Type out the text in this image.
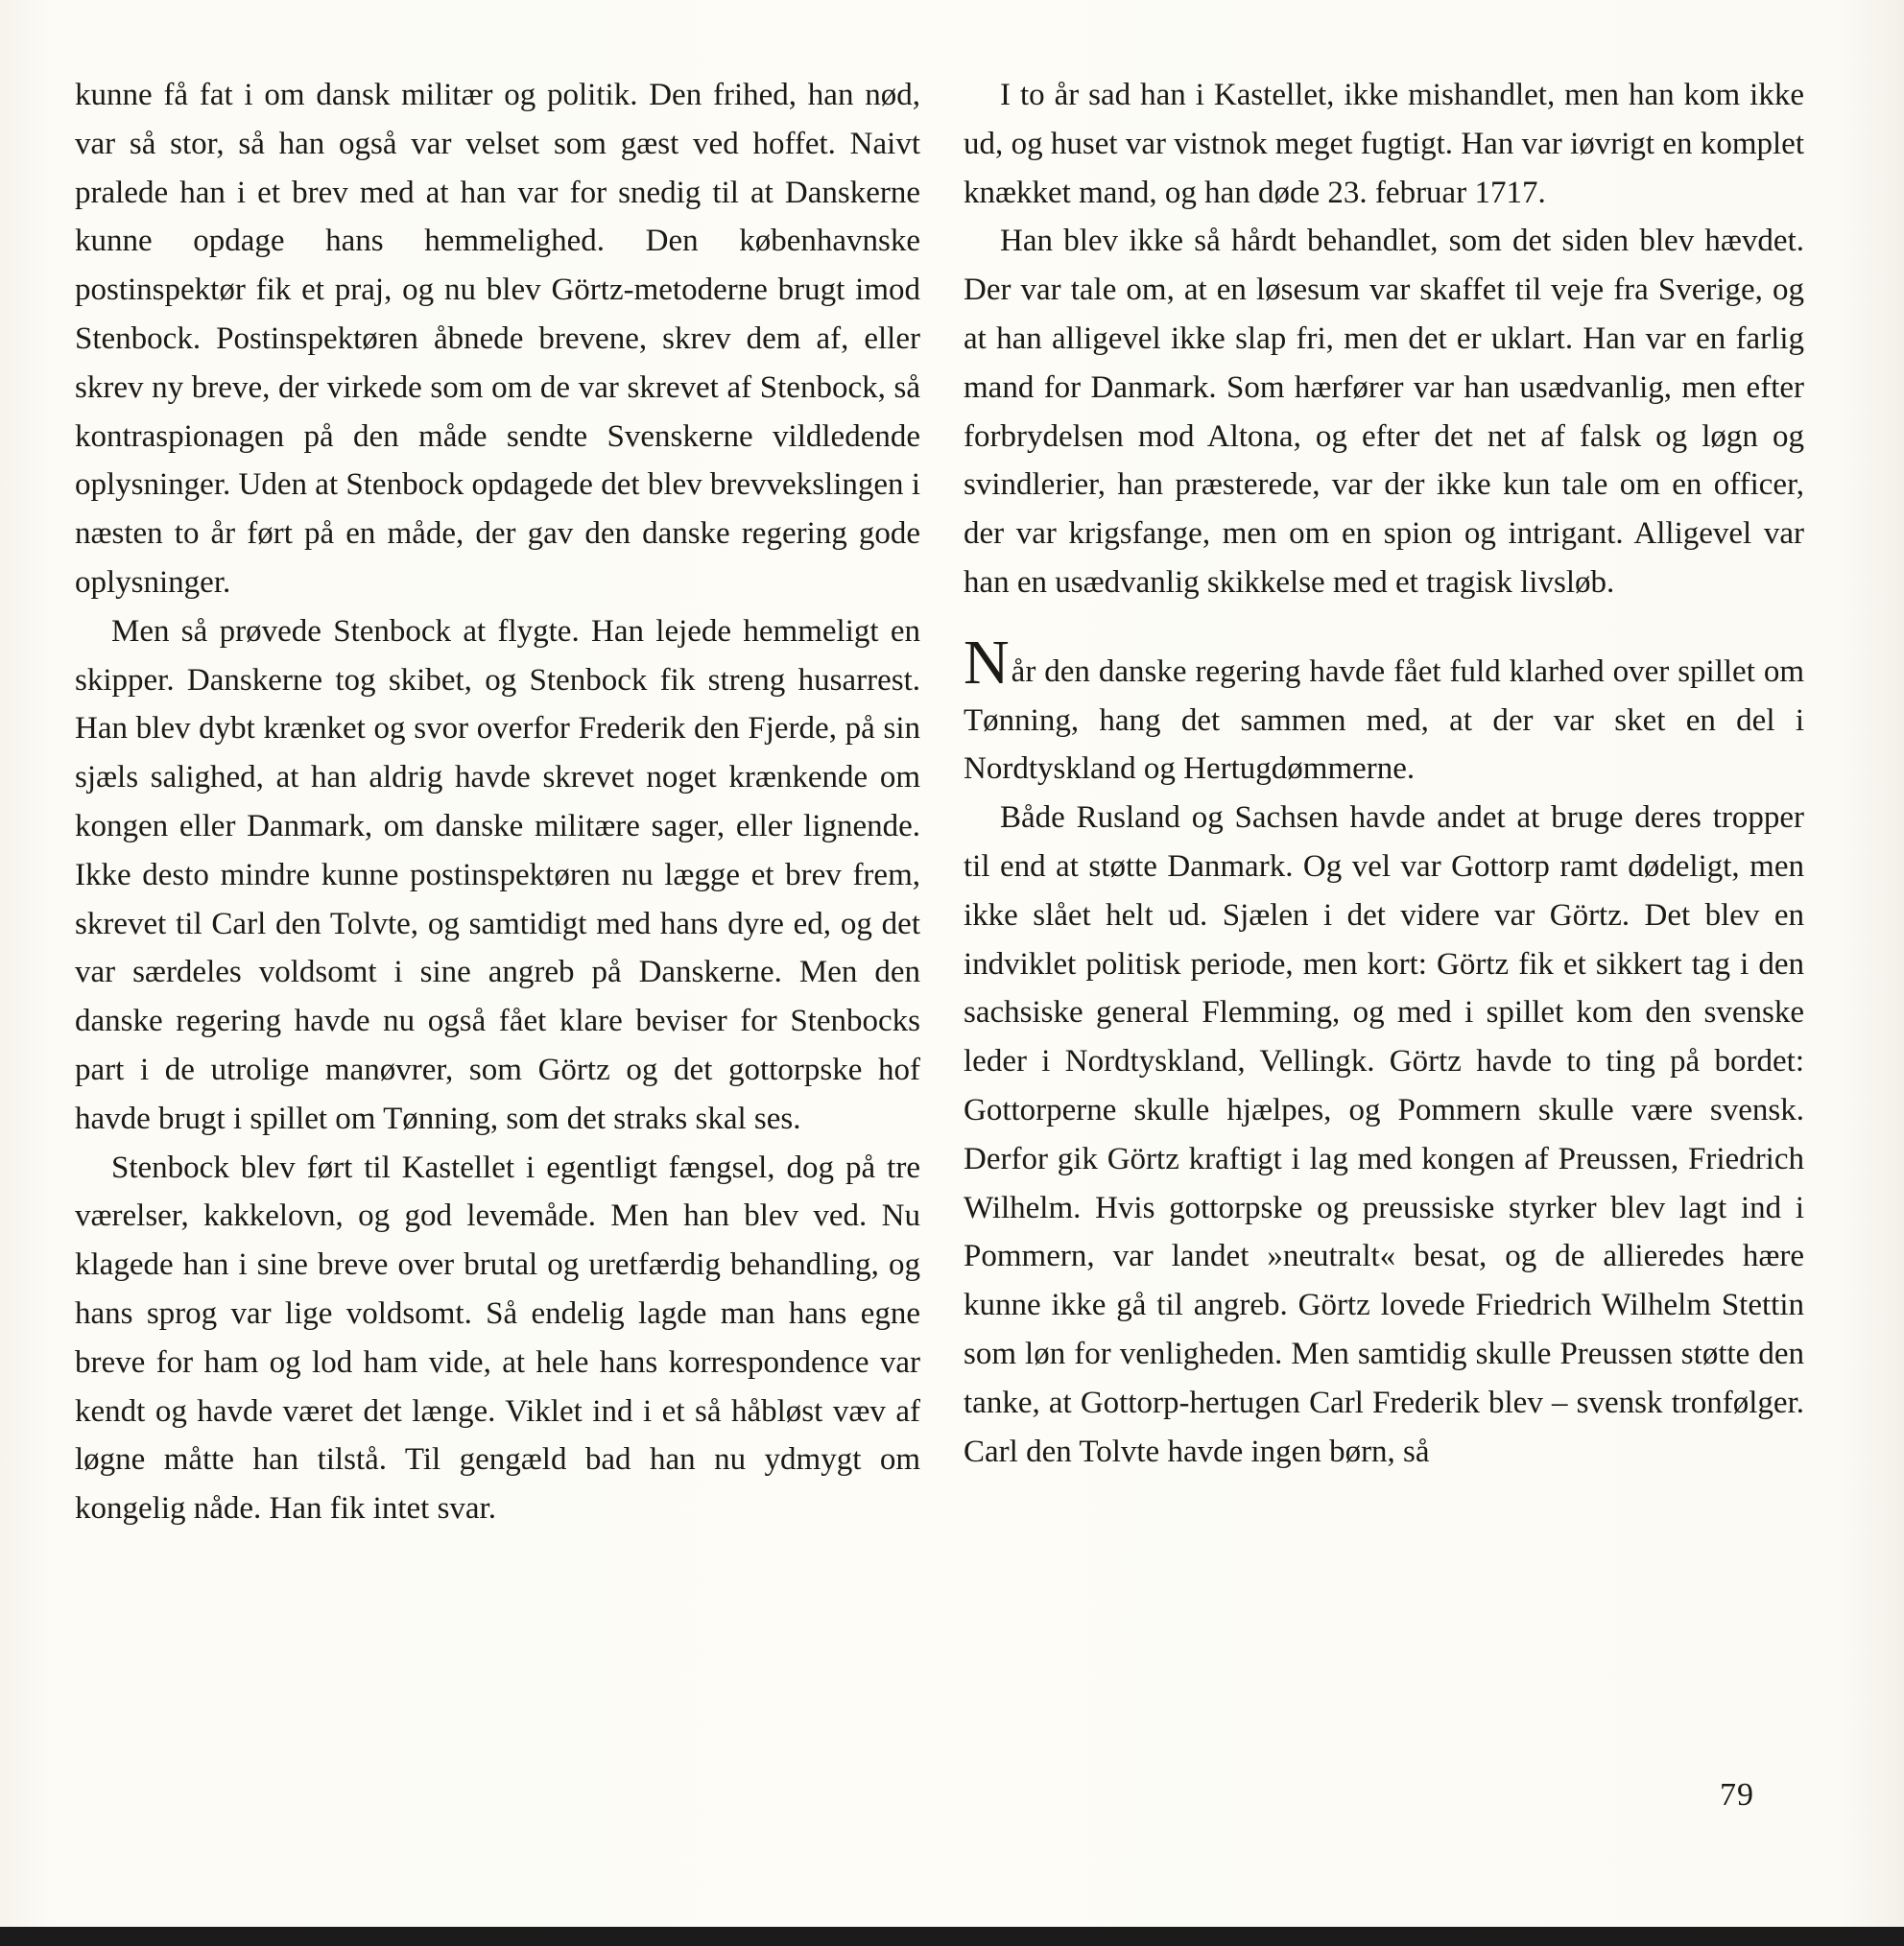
kunne få fat i om dansk militær og politik. Den frihed, han nød, var så stor, så han også var velset som gæst ved hoffet. Naivt pralede han i et brev med at han var for snedig til at Danskerne kunne opdage hans hemmelighed. Den københavnske postinspektør fik et praj, og nu blev Görtz-metoderne brugt imod Stenbock. Postinspektøren åbnede brevene, skrev dem af, eller skrev ny breve, der virkede som om de var skrevet af Stenbock, så kontraspionagen på den måde sendte Svenskerne vildledende oplysninger. Uden at Stenbock opdagede det blev brevvekslingen i næsten to år ført på en måde, der gav den danske regering gode oplysninger.

Men så prøvede Stenbock at flygte. Han lejede hemmeligt en skipper. Danskerne tog skibet, og Stenbock fik streng husarrest. Han blev dybt krænket og svor overfor Frederik den Fjerde, på sin sjæls salighed, at han aldrig havde skrevet noget krænkende om kongen eller Danmark, om danske militære sager, eller lignende. Ikke desto mindre kunne postinspektøren nu lægge et brev frem, skrevet til Carl den Tolvte, og samtidigt med hans dyre ed, og det var særdeles voldsomt i sine angreb på Danskerne. Men den danske regering havde nu også fået klare beviser for Stenbocks part i de utrolige manøvrer, som Görtz og det gottorpske hof havde brugt i spillet om Tønning, som det straks skal ses.

Stenbock blev ført til Kastellet i egentligt fængsel, dog på tre værelser, kakkelovn, og god levemåde. Men han blev ved. Nu klagede han i sine breve over brutal og uretfærdig behandling, og hans sprog var lige voldsomt. Så endelig lagde man hans egne breve for ham og lod ham vide, at hele hans korrespondence var kendt og havde været det længe. Viklet ind i et så håbløst væv af løgne måtte han tilstå. Til gengæld bad han nu ydmygt om kongelig nåde. Han fik intet svar.

I to år sad han i Kastellet, ikke mishandlet, men han kom ikke ud, og huset var vistnok meget fugtigt. Han var iøvrigt en komplet knækket mand, og han døde 23. februar 1717.

Han blev ikke så hårdt behandlet, som det siden blev hævdet. Der var tale om, at en løsesum var skaffet til veje fra Sverige, og at han alligevel ikke slap fri, men det er uklart. Han var en farlig mand for Danmark. Som hærfører var han usædvanlig, men efter forbrydelsen mod Altona, og efter det net af falsk og løgn og svindlerier, han præsterede, var der ikke kun tale om en officer, der var krigsfange, men om en spion og intrigant. Alligevel var han en usædvanlig skikkelse med et tragisk livsløb.

Når den danske regering havde fået fuld klarhed over spillet om Tønning, hang det sammen med, at der var sket en del i Nordtyskland og Hertugdømmerne.

Både Rusland og Sachsen havde andet at bruge deres tropper til end at støtte Danmark. Og vel var Gottorp ramt dødeligt, men ikke slået helt ud. Sjælen i det videre var Görtz. Det blev en indviklet politisk periode, men kort: Görtz fik et sikkert tag i den sachsiske general Flemming, og med i spillet kom den svenske leder i Nordtyskland, Vellingk. Görtz havde to ting på bordet: Gottorperne skulle hjælpes, og Pommern skulle være svensk. Derfor gik Görtz kraftigt i lag med kongen af Preussen, Friedrich Wilhelm. Hvis gottorpske og preussiske styrker blev lagt ind i Pommern, var landet »neutralt« besat, og de allieredes hære kunne ikke gå til angreb. Görtz lovede Friedrich Wilhelm Stettin som løn for venligheden. Men samtidig skulle Preussen støtte den tanke, at Gottorp-hertugen Carl Frederik blev – svensk tronfølger. Carl den Tolvte havde ingen børn, så

79
